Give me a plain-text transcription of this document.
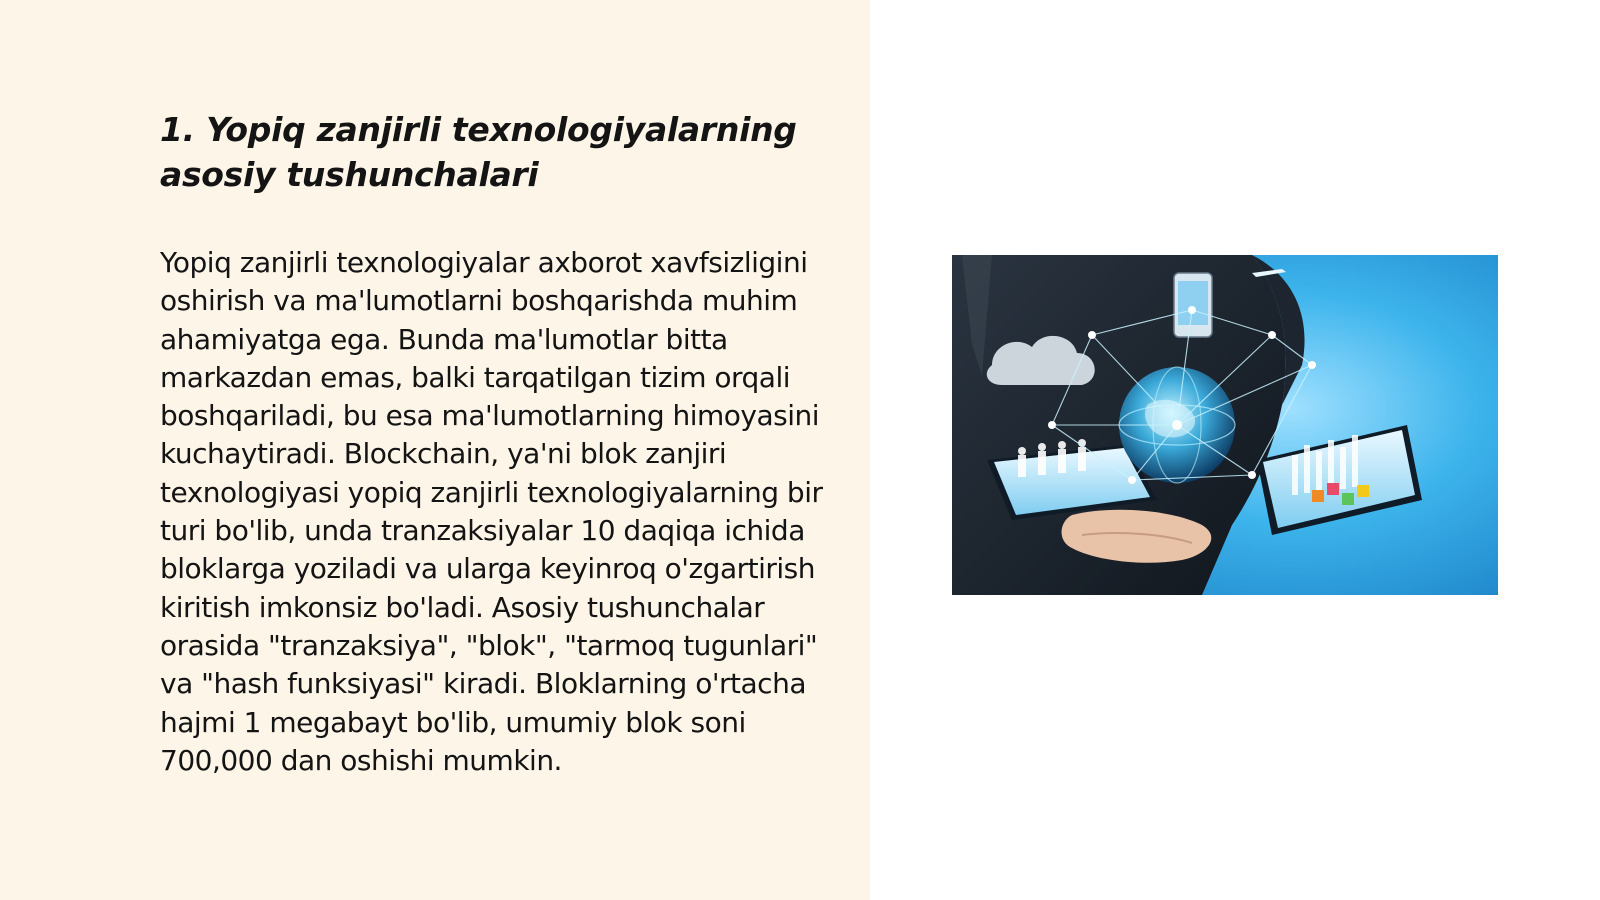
1. Yopiq zanjirli texnologiyalarning asosiy tushunchalari

Yopiq zanjirli texnologiyalar axborot xavfsizligini oshirish va ma'lumotlarni boshqarishda muhim ahamiyatga ega. Bunda ma'lumotlar bitta markazdan emas, balki tarqatilgan tizim orqali boshqariladi, bu esa ma'lumotlarning himoyasini kuchaytiradi. Blockchain, ya'ni blok zanjiri texnologiyasi yopiq zanjirli texnologiyalarning bir turi bo'lib, unda tranzaksiyalar 10 daqiqa ichida bloklarga yoziladi va ularga keyinroq o'zgartirish kiritish imkonsiz bo'ladi. Asosiy tushunchalar orasida "tranzaksiya", "blok", "tarmoq tugunlari" va "hash funksiyasi" kiradi. Bloklarning o'rtacha hajmi 1 megabayt bo'lib, umumiy blok soni 700,000 dan oshishi mumkin.
